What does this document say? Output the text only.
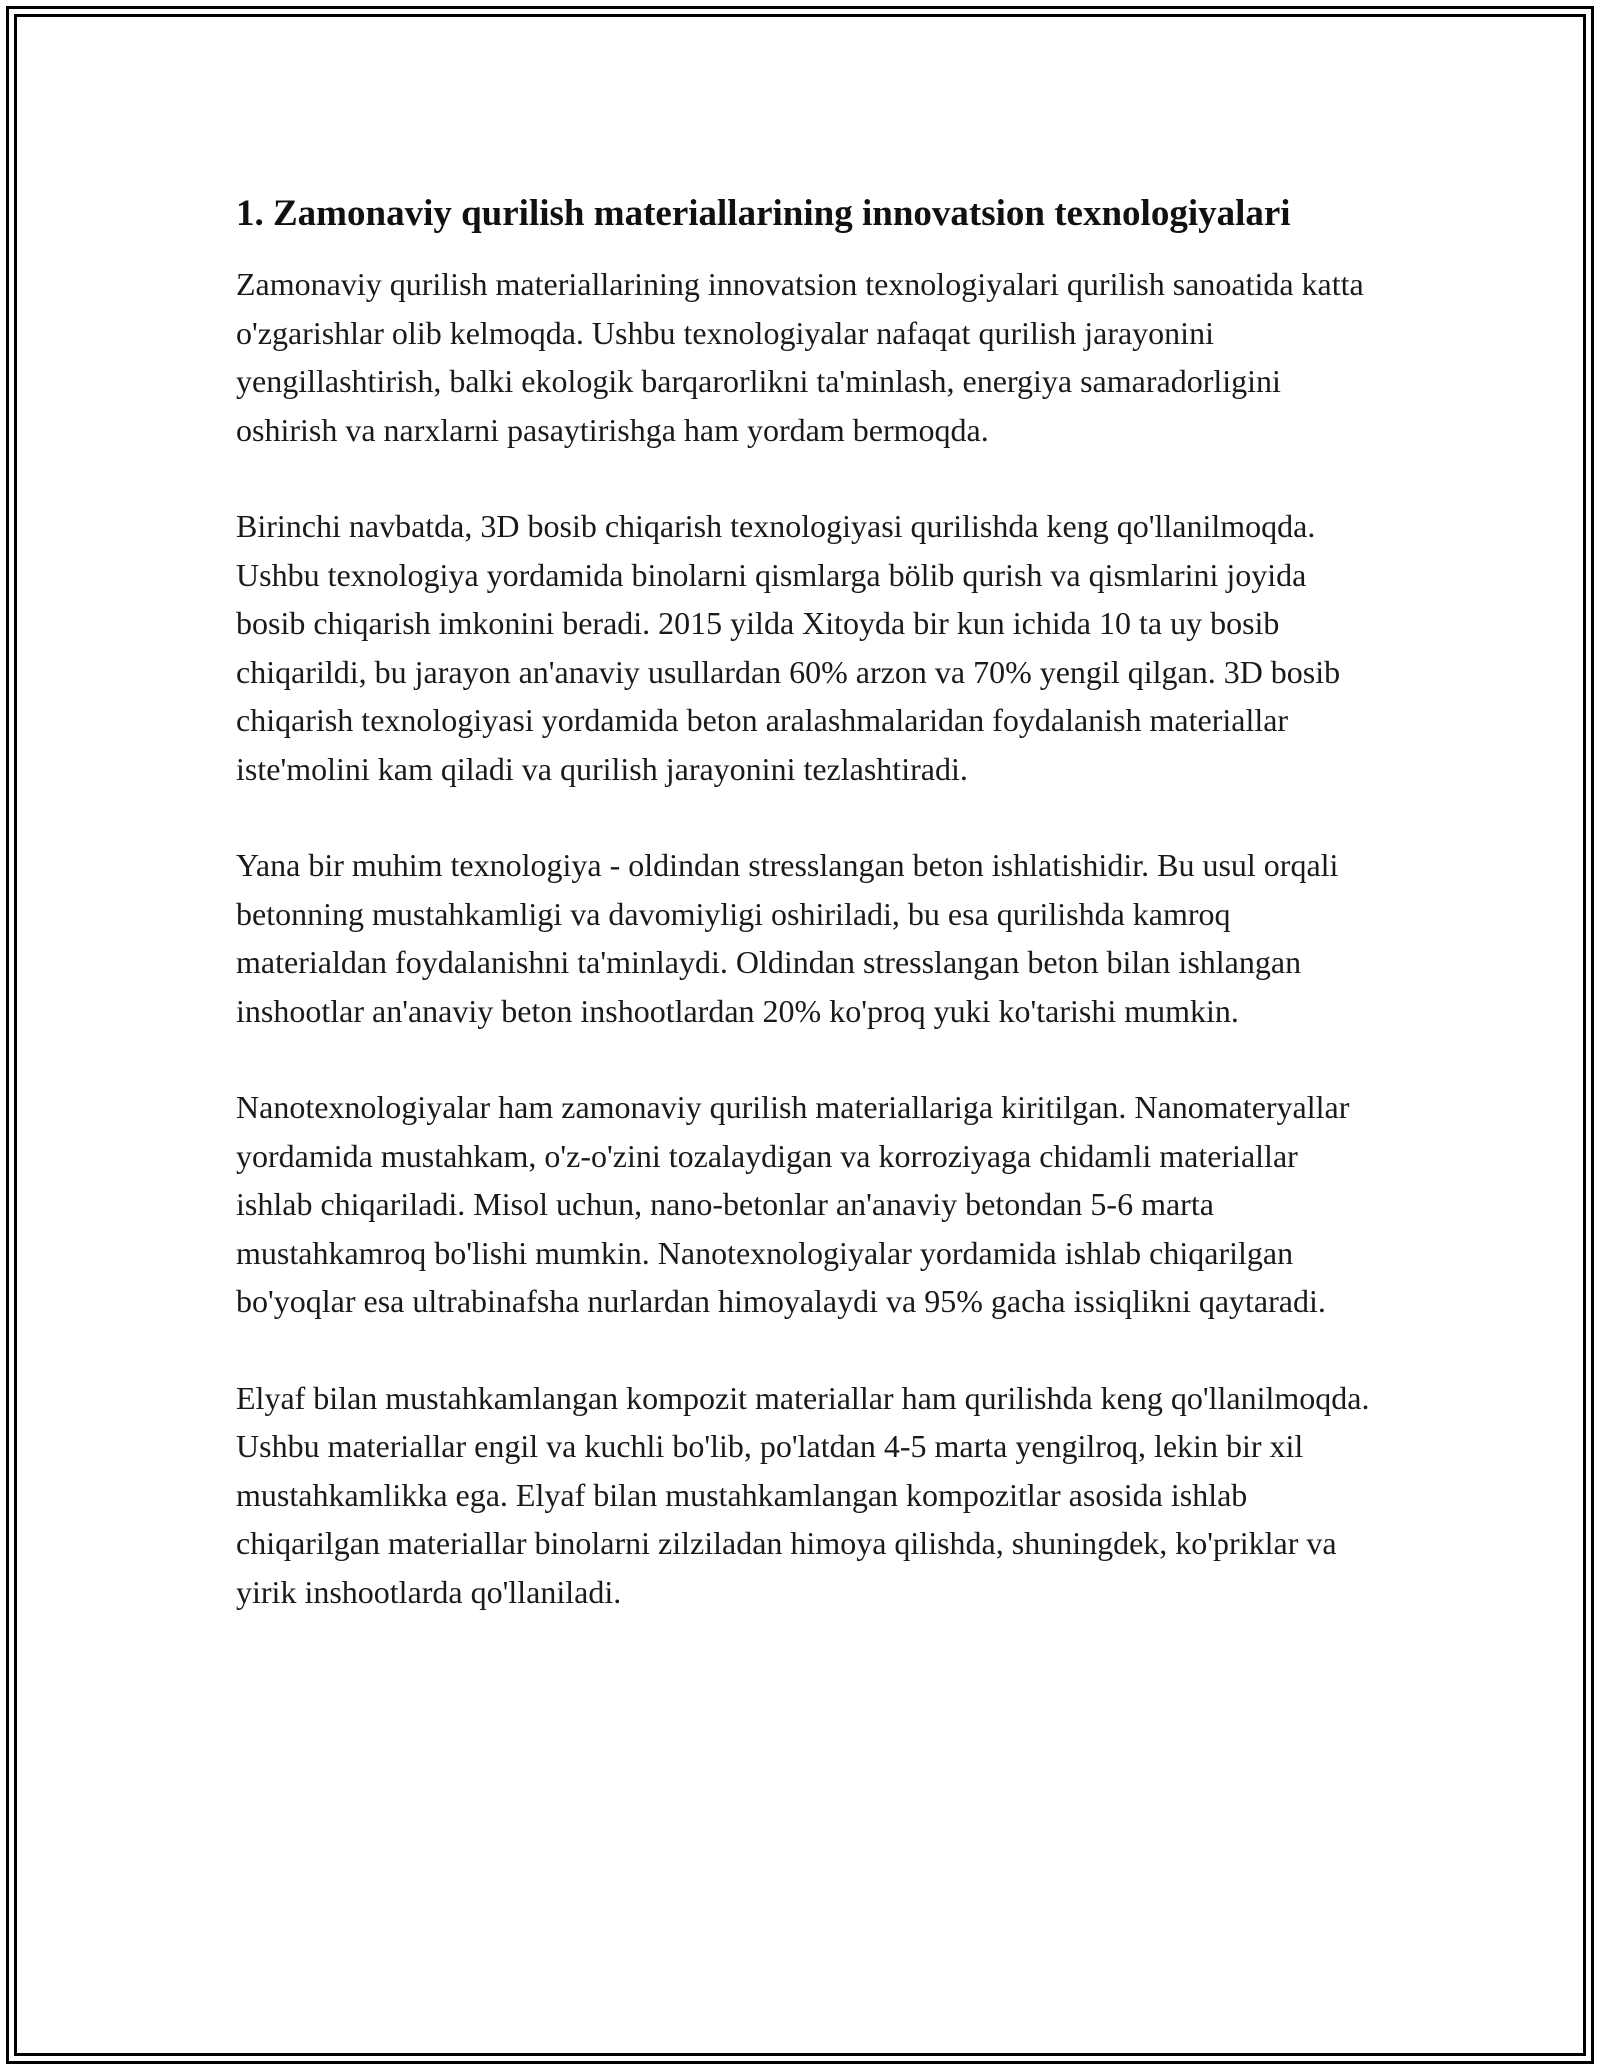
1. Zamonaviy qurilish materiallarining innovatsion texnologiyalari

Zamonaviy qurilish materiallarining innovatsion texnologiyalari qurilish sanoatida katta o'zgarishlar olib kelmoqda. Ushbu texnologiyalar nafaqat qurilish jarayonini yengillashtirish, balki ekologik barqarorlikni ta'minlash, energiya samaradorligini oshirish va narxlarni pasaytirishga ham yordam bermoqda.

Birinchi navbatda, 3D bosib chiqarish texnologiyasi qurilishda keng qo'llanilmoqda. Ushbu texnologiya yordamida binolarni qismlarga bölib qurish va qismlarini joyida bosib chiqarish imkonini beradi. 2015 yilda Xitoyda bir kun ichida 10 ta uy bosib chiqarildi, bu jarayon an'anaviy usullardan 60% arzon va 70% yengil qilgan. 3D bosib chiqarish texnologiyasi yordamida beton aralashmalaridan foydalanish materiallar iste'molini kam qiladi va qurilish jarayonini tezlashtiradi.

Yana bir muhim texnologiya - oldindan stresslangan beton ishlatishidir. Bu usul orqali betonning mustahkamligi va davomiyligi oshiriladi, bu esa qurilishda kamroq materialdan foydalanishni ta'minlaydi. Oldindan stresslangan beton bilan ishlangan inshootlar an'anaviy beton inshootlardan 20% ko'proq yuki ko'tarishi mumkin.

Nanotexnologiyalar ham zamonaviy qurilish materiallariga kiritilgan. Nanomateryallar yordamida mustahkam, o'z-o'zini tozalaydigan va korroziyaga chidamli materiallar ishlab chiqariladi. Misol uchun, nano-betonlar an'anaviy betondan 5-6 marta mustahkamroq bo'lishi mumkin. Nanotexnologiyalar yordamida ishlab chiqarilgan bo'yoqlar esa ultrabinafsha nurlardan himoyalaydi va 95% gacha issiqlikni qaytaradi.

Elyaf bilan mustahkamlangan kompozit materiallar ham qurilishda keng qo'llanilmoqda. Ushbu materiallar engil va kuchli bo'lib, po'latdan 4-5 marta yengilroq, lekin bir xil mustahkamlikka ega. Elyaf bilan mustahkamlangan kompozitlar asosida ishlab chiqarilgan materiallar binolarni zilziladan himoya qilishda, shuningdek, ko'priklar va yirik inshootlarda qo'llaniladi.
